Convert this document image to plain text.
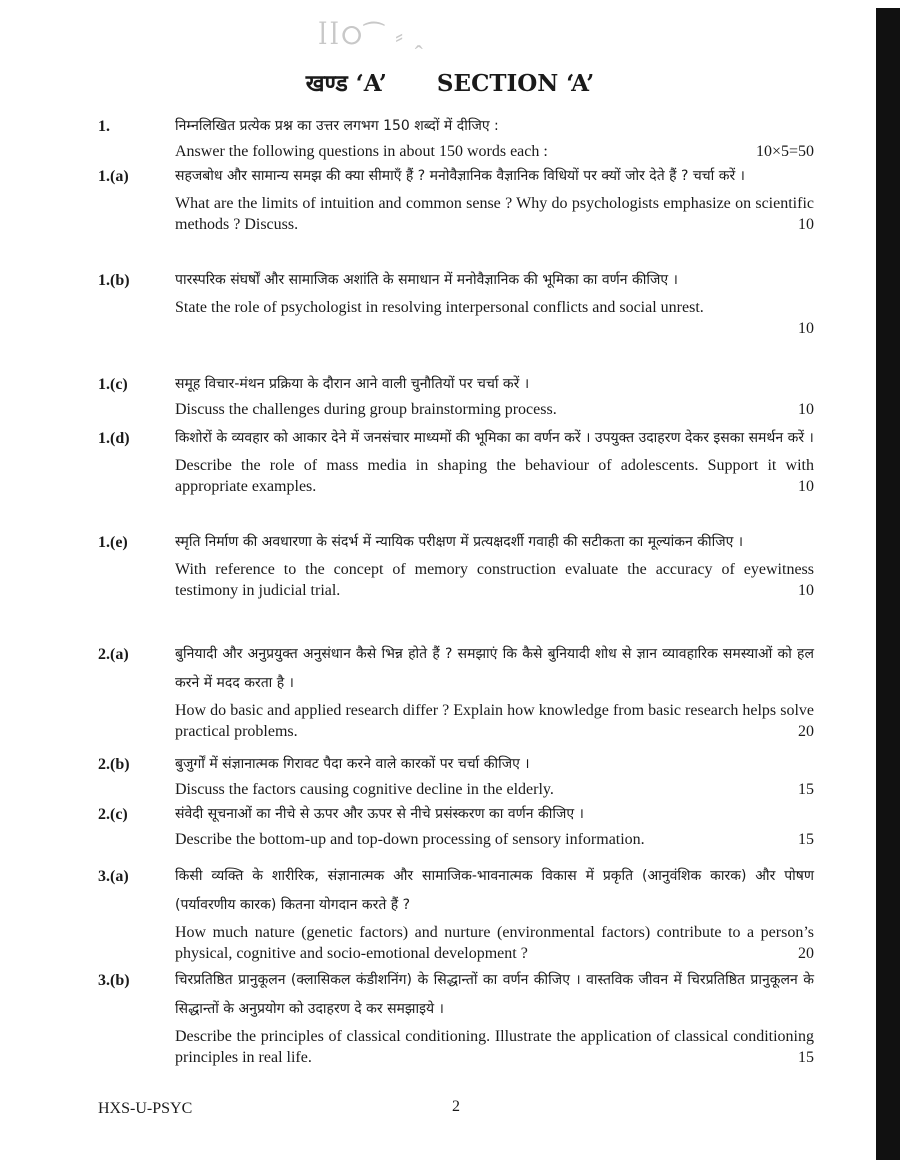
ꟾꟾⵔ⁀ ⸗ ꞈ
खण्ड ‘A’ SECTION ‘A’
1.	निम्नलिखित प्रत्येक प्रश्न का उत्तर लगभग 150 शब्दों में दीजिए :
10×5=50
Answer the following questions in about 150 words each :
1.(a)	सहजबोध और सामान्य समझ की क्या सीमाएँ हैं ? मनोवैज्ञानिक वैज्ञानिक विधियों पर क्यों जोर देते हैं ? चर्चा करें ।
What are the limits of intuition and common sense ? Why do psychologists emphasize on scientific methods ? Discuss.	10
1.(b)	पारस्परिक संघर्षों और सामाजिक अशांति के समाधान में मनोवैज्ञानिक की भूमिका का वर्णन कीजिए ।
State the role of psychologist in resolving interpersonal conflicts and social unrest.
10
1.(c)	समूह विचार-मंथन प्रक्रिया के दौरान आने वाली चुनौतियों पर चर्चा करें ।
10
Discuss the challenges during group brainstorming process.
1.(d)	किशोरों के व्यवहार को आकार देने में जनसंचार माध्यमों की भूमिका का वर्णन करें । उपयुक्त उदाहरण देकर इसका समर्थन करें ।
Describe the role of mass media in shaping the behaviour of adolescents. Support it with appropriate examples.	10
1.(e)	स्मृति निर्माण की अवधारणा के संदर्भ में न्यायिक परीक्षण में प्रत्यक्षदर्शी गवाही की सटीकता का मूल्यांकन कीजिए ।
With reference to the concept of memory construction evaluate the accuracy of eyewitness testimony in judicial trial.	10
2.(a)	बुनियादी और अनुप्रयुक्त अनुसंधान कैसे भिन्न होते हैं ? समझाएं कि कैसे बुनियादी शोध से ज्ञान व्यावहारिक समस्याओं को हल करने में मदद करता है ।
How do basic and applied research differ ? Explain how knowledge from basic research helps solve practical problems.	20
2.(b)	बुजुर्गों में संज्ञानात्मक गिरावट पैदा करने वाले कारकों पर चर्चा कीजिए ।
15
Discuss the factors causing cognitive decline in the elderly.
2.(c)	संवेदी सूचनाओं का नीचे से ऊपर और ऊपर से नीचे प्रसंस्करण का वर्णन कीजिए ।
15
Describe the bottom-up and top-down processing of sensory information.
3.(a)	किसी व्यक्ति के शारीरिक, संज्ञानात्मक और सामाजिक-भावनात्मक विकास में प्रकृति (आनुवंशिक कारक) और पोषण (पर्यावरणीय कारक) कितना योगदान करते हैं ?
How much nature (genetic factors) and nurture (environmental factors) contribute to a person’s physical, cognitive and socio-emotional development ?	20
3.(b)	चिरप्रतिष्ठित प्रानुकूलन (क्लासिकल कंडीशनिंग) के सिद्धान्तों का वर्णन कीजिए । वास्तविक जीवन में चिरप्रतिष्ठित प्रानुकूलन के सिद्धान्तों के अनुप्रयोग को उदाहरण दे कर समझाइये ।
Describe the principles of classical conditioning. Illustrate the application of classical conditioning principles in real life.	15
HXS-U-PSYC	2
